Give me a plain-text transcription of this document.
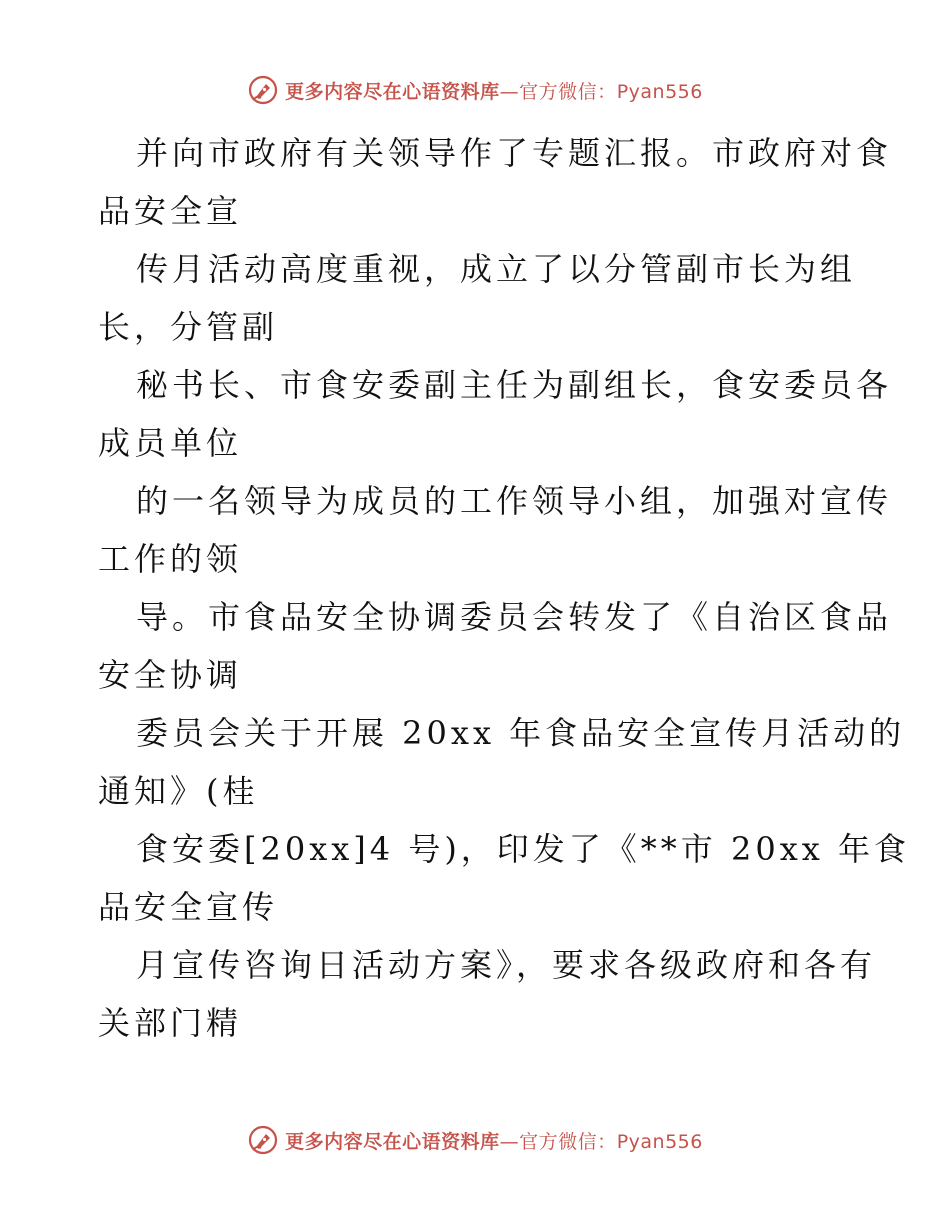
更多内容尽在心语资料库—官方微信：Pyan556
并向市政府有关领导作了专题汇报。市政府对食
品安全宣
传月活动高度重视，成立了以分管副市长为组
长，分管副
秘书长、市食安委副主任为副组长，食安委员各
成员单位
的一名领导为成员的工作领导小组，加强对宣传
工作的领
导。市食品安全协调委员会转发了《自治区食品
安全协调
委员会关于开展 20xx 年食品安全宣传月活动的
通知》(桂
食安委[20xx]4 号)，印发了《**市 20xx 年食
品安全宣传
月宣传咨询日活动方案》，要求各级政府和各有
关部门精
更多内容尽在心语资料库—官方微信：Pyan556
